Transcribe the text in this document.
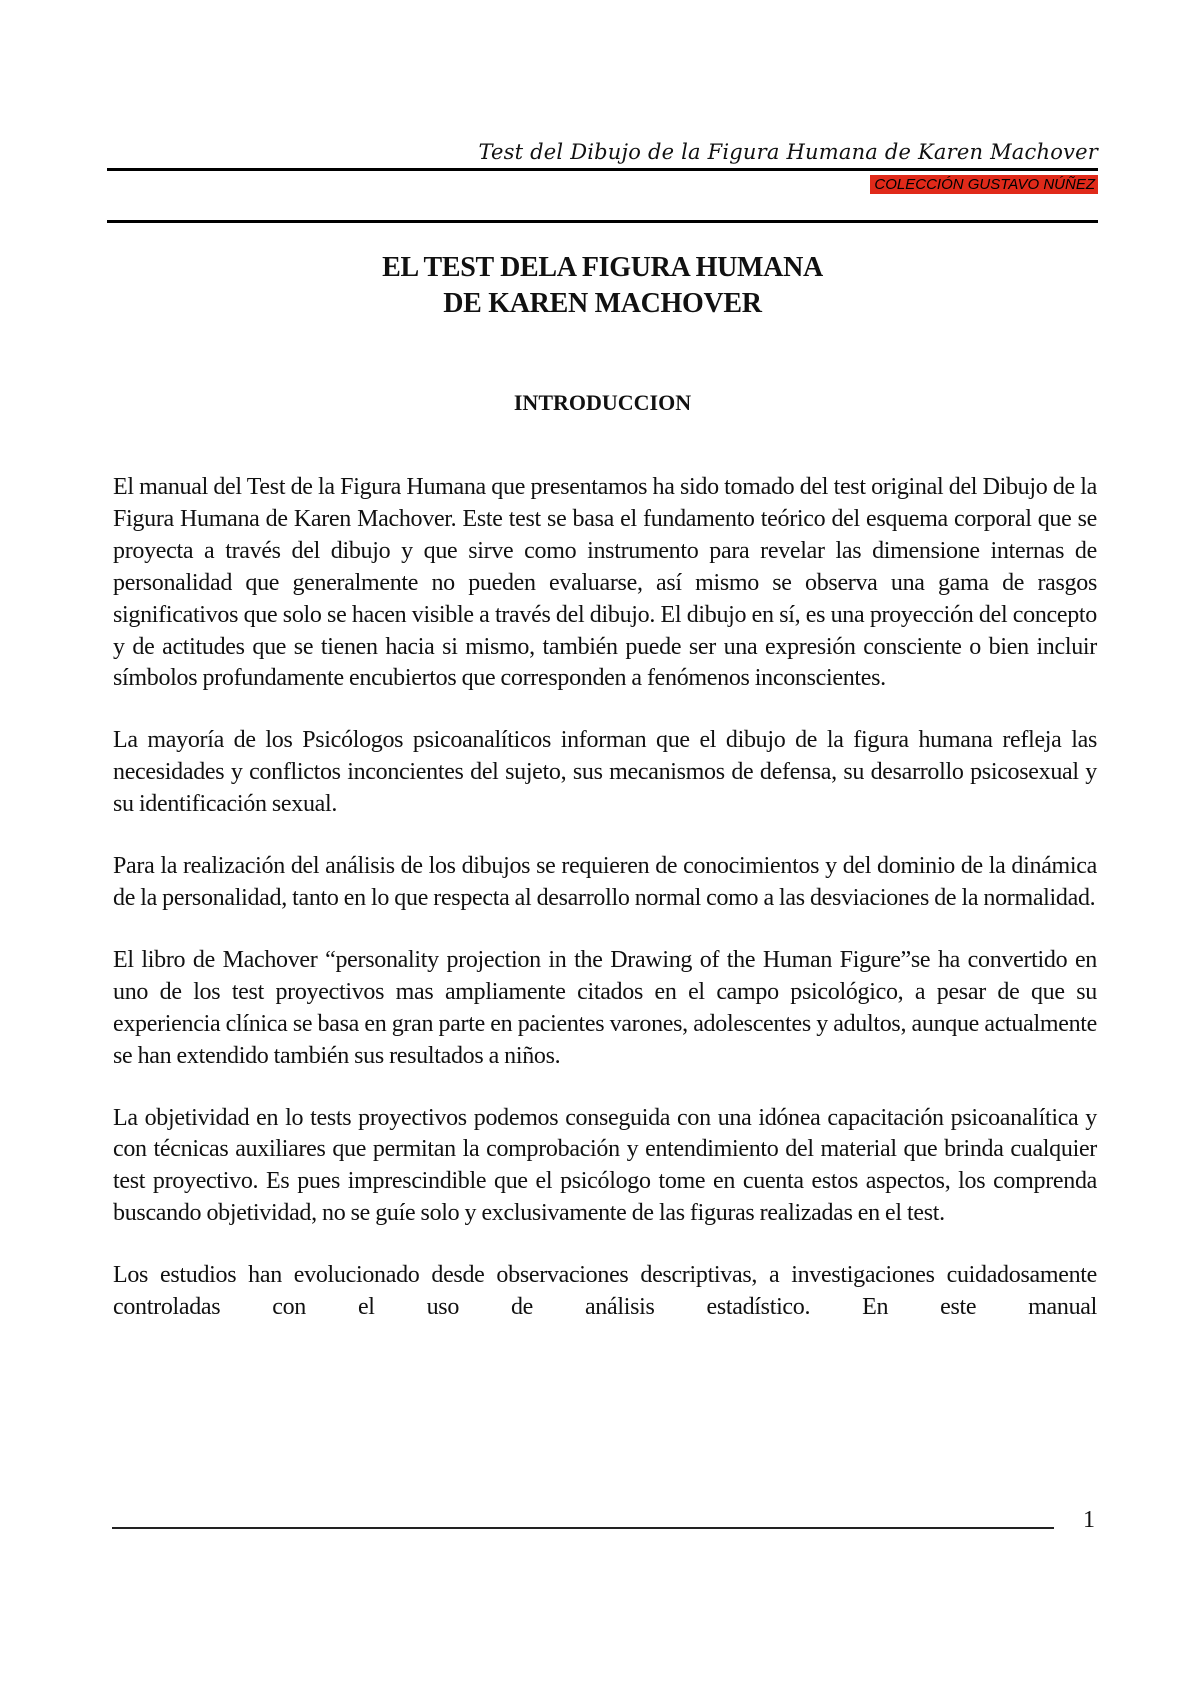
Test del Dibujo de la Figura Humana de Karen Machover
COLECCIÓN GUSTAVO NÚÑEZ
EL TEST DELA FIGURA HUMANA
DE KAREN MACHOVER
INTRODUCCION

El manual del Test de la Figura Humana que presentamos ha sido tomado del test original del Dibujo de la Figura Humana de Karen Machover. Este test se basa el fundamento teórico del esquema corporal que se proyecta a través del dibujo y que sirve como instrumento para revelar las dimensione internas de personalidad que generalmente no pueden evaluarse, así mismo se observa una gama de rasgos significativos que solo se hacen visible a través del dibujo. El dibujo en sí, es una proyección del concepto y de actitudes que se tienen hacia si mismo, también puede ser una expresión consciente o bien incluir símbolos profundamente encubiertos que corresponden a fenómenos inconscientes.

La mayoría de los Psicólogos psicoanalíticos informan que el dibujo de la figura humana refleja las necesidades y conflictos inconcientes del sujeto, sus mecanismos de defensa, su desarrollo psicosexual y su identificación sexual.

Para la realización del análisis de los dibujos se requieren de conocimientos y del dominio de la dinámica de la personalidad, tanto en lo que respecta al desarrollo normal como a las desviaciones de la normalidad.

El libro de Machover “personality projection in the Drawing of the Human Figure”se ha convertido en uno de los test proyectivos mas ampliamente citados en el campo psicológico, a pesar de que su experiencia clínica se basa en gran parte en pacientes varones, adolescentes y adultos, aunque actualmente se han extendido también sus resultados a niños.

La objetividad en lo tests proyectivos podemos conseguida con una idónea capacitación psicoanalítica y con técnicas auxiliares que permitan la comprobación y entendimiento del material que brinda cualquier test proyectivo. Es pues imprescindible que el psicólogo tome en cuenta estos aspectos, los comprenda buscando objetividad, no se guíe solo y exclusivamente de las figuras realizadas en el test.

Los estudios han evolucionado desde observaciones descriptivas, a investigaciones cuidadosamente controladas con el uso de análisis estadístico. En este manual

1
